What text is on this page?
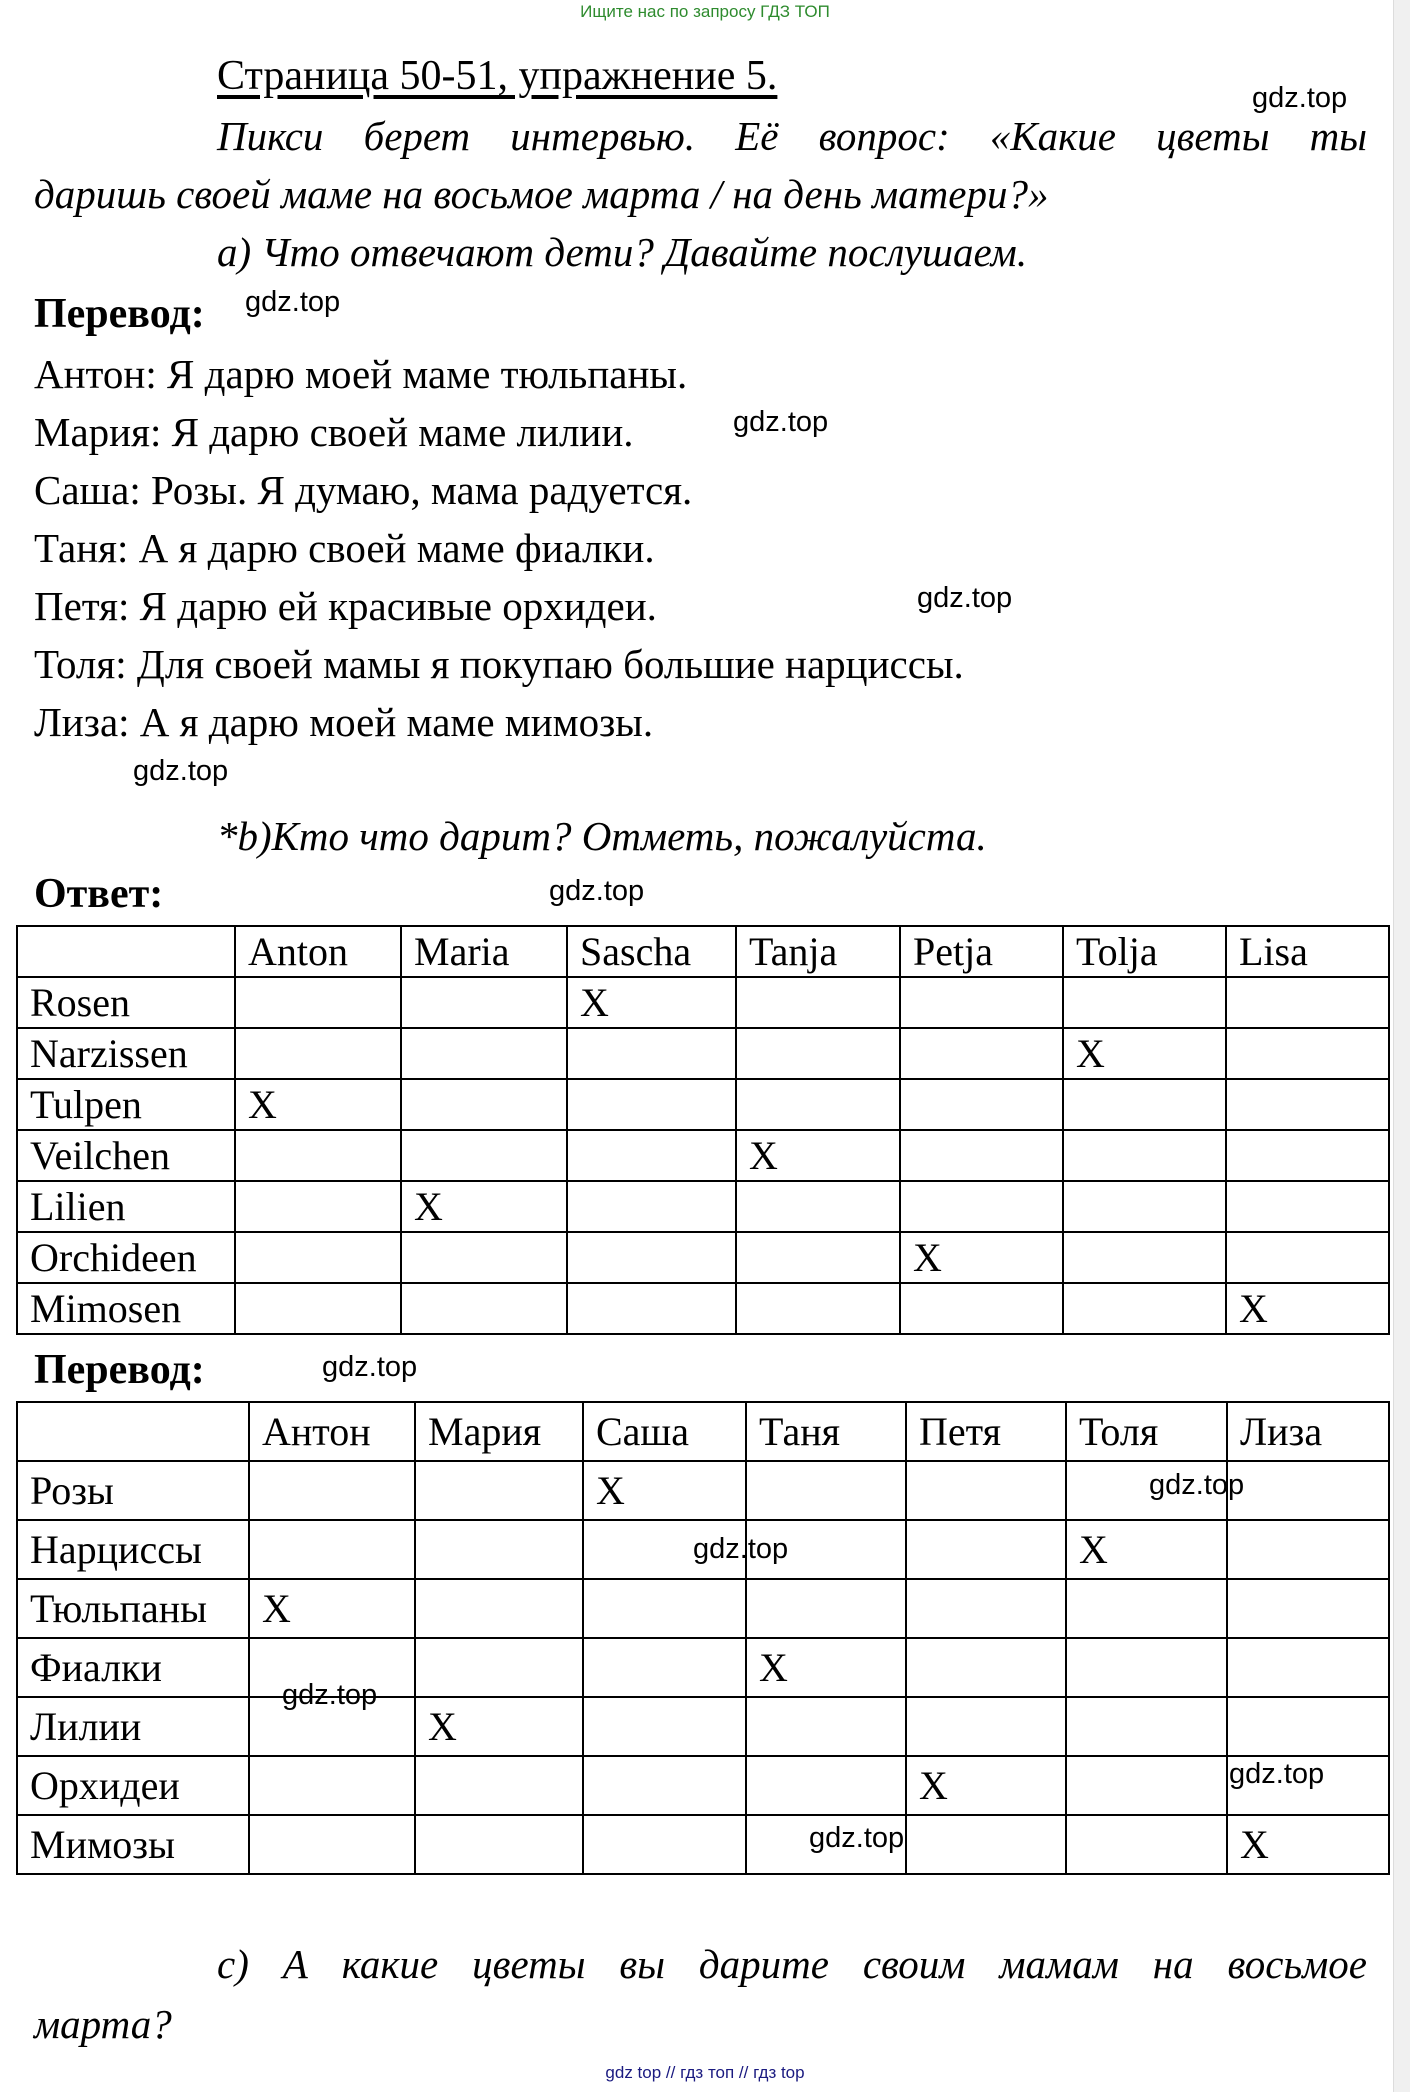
Ищите нас по запросу ГДЗ ТОП
Страница 50-51, упражнение 5.	gdz.top
Пикси берет интервью. Её вопрос: «Какие цветы ты
даришь своей маме на восьмое марта / на день матери?»
а) Что отвечают дети? Давайте послушаем.
Перевод: gdz.top
Антон: Я дарю моей маме тюльпаны.
Мария: Я дарю своей маме лилии.	gdz.top
Саша: Розы. Я думаю, мама радуется.
Таня: А я дарю своей маме фиалки.
Петя: Я дарю ей красивые орхидеи.	gdz.top
Толя: Для своей мамы я покупаю большие нарциссы.
Лиза: А я дарю моей маме мимозы.
gdz.top
*b)Кто что дарит? Отметь, пожалуйста.
Ответ:	gdz.top
	Anton	Maria	Sascha	Tanja	Petja	Tolja	Lisa
Rosen			X				
Narzissen						X	
Tulpen	X						
Veilchen				X			
Lilien		X					
Orchideen					X		
Mimosen							X
Перевод:	gdz.top
	Антон	Мария	Саша	Таня	Петя	Толя	Лиза
Розы			X				
Нарциссы						X	
Тюльпаны	X						
Фиалки				X			
Лилии		X					
Орхидеи					X		
Мимозы							X
gdz.top
gdz.top
gdz.top
gdz.top
gdz.top
с) А какие цветы вы дарите своим мамам на восьмое
марта?
gdz top // гдз топ // гдз top
